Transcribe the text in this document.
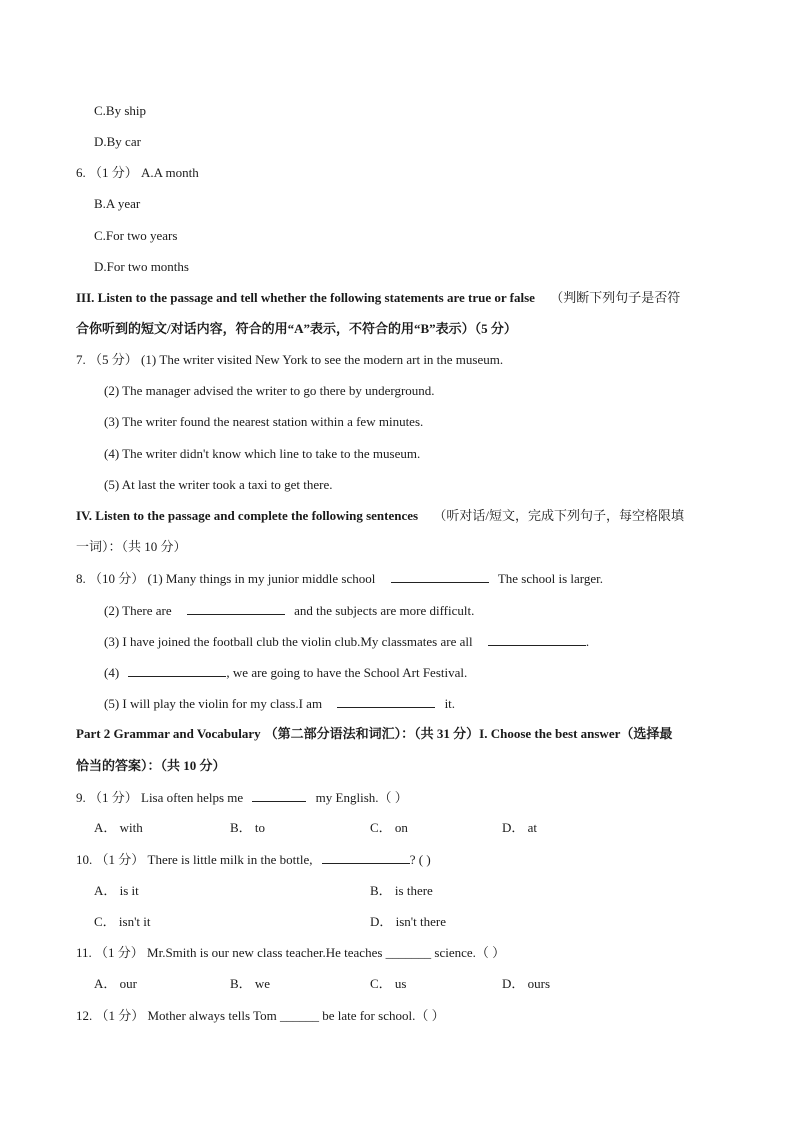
C.By ship
D.By car
6. （1 分） A.A month
B.A year
C.For two years
D.For two months
III. Listen to the passage and tell whether the following statements are true or false （判断下列句子是否符
合你听到的短文/对话内容，符合的用“A”表示，不符合的用“B”表示）（5 分）
7. （5 分） (1) The writer visited New York to see the modern art in the museum.
(2) The manager advised the writer to go there by underground.
(3) The writer found the nearest station within a few minutes.
(4) The writer didn't know which line to take to the museum.
(5) At last the writer took a taxi to get there.
IV. Listen to the passage and complete the following sentences （听对话/短文，完成下列句子，每空格限填
一词）：（共 10 分）
8. （10 分） (1) Many things in my junior middle school	The school is larger.
(2) There are	and the subjects are more difficult.
(3) I have joined the football club the violin club.My classmates are all	.
(4)	, we are going to have the School Art Festival.
(5) I will play the violin for my class.I am	it.
Part 2 Grammar and Vocabulary （第二部分语法和词汇）：（共 31 分）I. Choose the best answer（选择最
恰当的答案）：（共 10 分）
9. （1 分） Lisa often helps me	my English.（ ）
A． with	B． to	C． on	D． at
10. （1 分） There is little milk in the bottle,	? ( )
A． is it	B． is there
C． isn't it	D． isn't there
11. （1 分） Mr.Smith is our new class teacher.He teaches _______ science.（ ）
A． our	B． we	C． us	D． ours
12. （1 分） Mother always tells Tom ______ be late for school.（ ）
